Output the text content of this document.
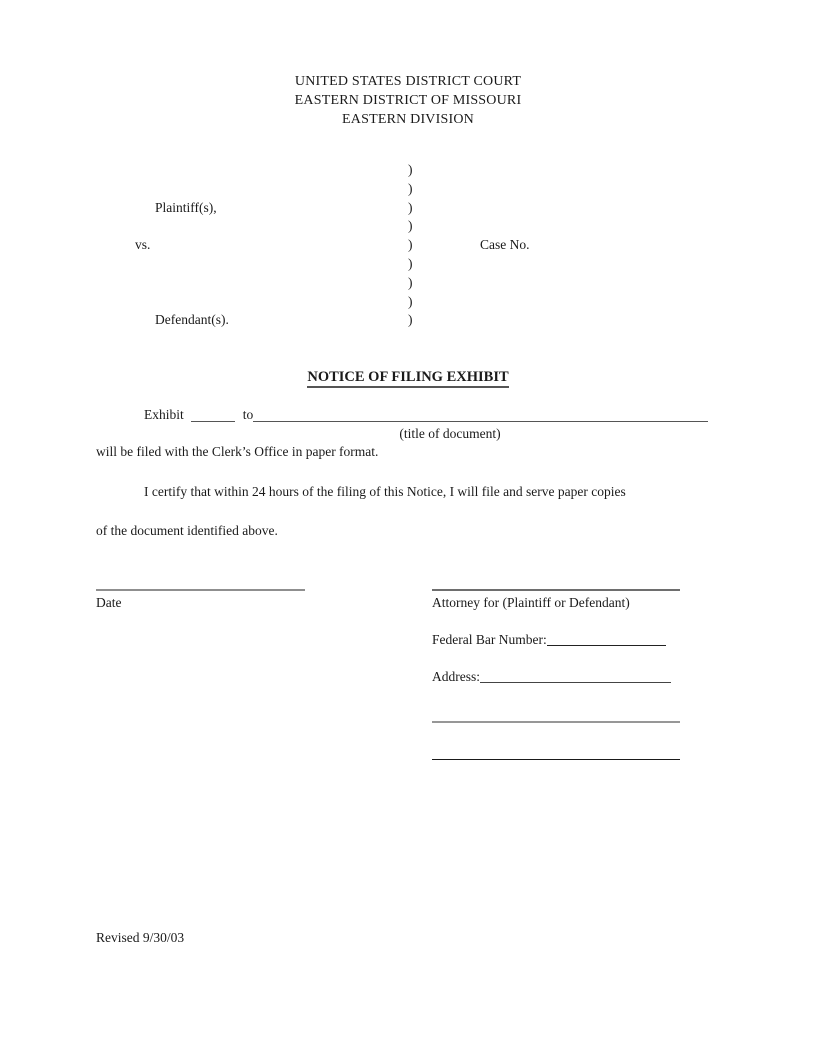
UNITED STATES DISTRICT COURT
EASTERN DISTRICT OF MISSOURI
EASTERN DIVISION
)
)
Plaintiff(s),	)
)
vs.	)	Case No.
)
)
)
Defendant(s).	)
NOTICE OF FILING EXHIBIT
Exhibit	to
(title of document)
will be filed with the Clerk’s Office in paper format.
I certify that within 24 hours of the filing of this Notice, I will file and serve paper copies
of the document identified above.
Date	Attorney for (Plaintiff or Defendant)
Federal Bar Number:
Address:
Revised 9/30/03
